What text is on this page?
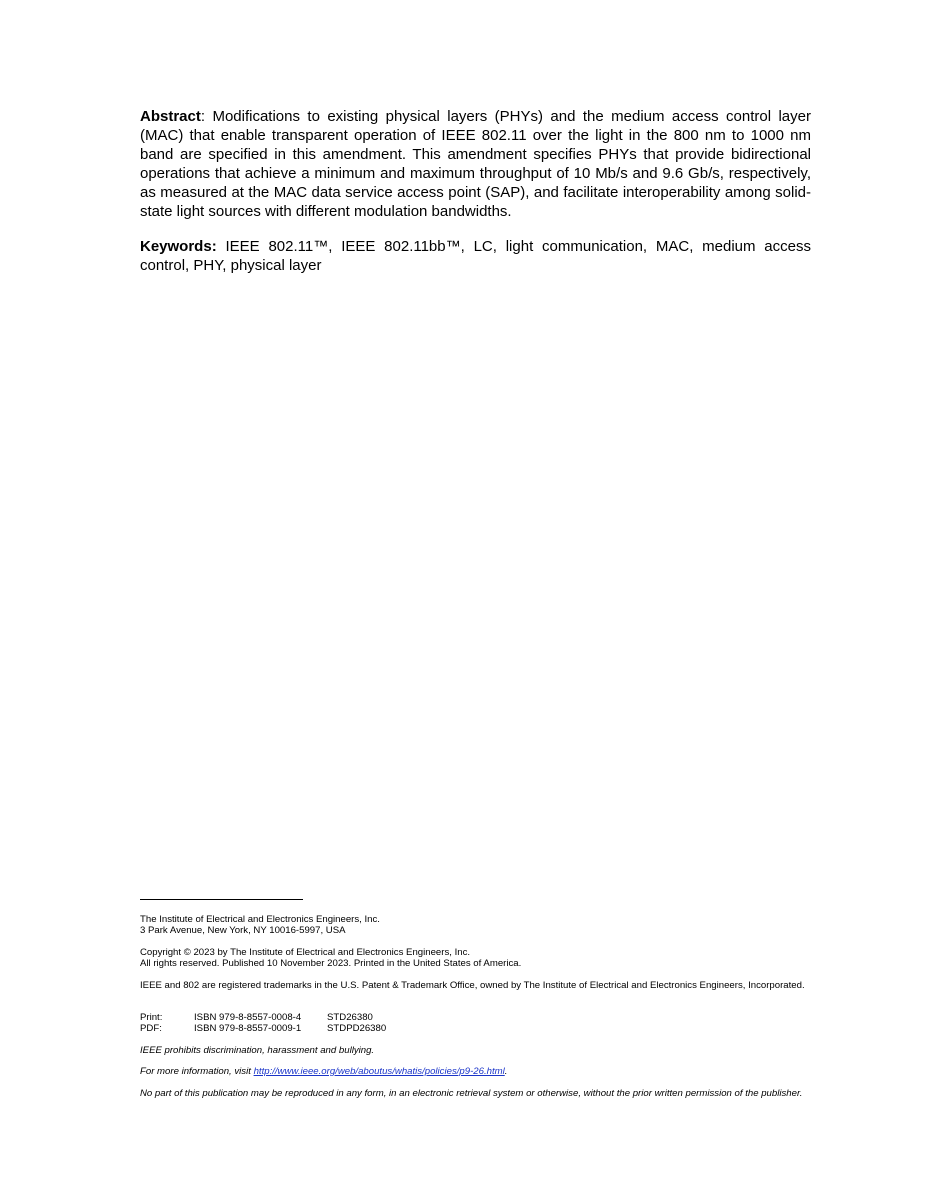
Abstract: Modifications to existing physical layers (PHYs) and the medium access control layer (MAC) that enable transparent operation of IEEE 802.11 over the light in the 800 nm to 1000 nm band are specified in this amendment. This amendment specifies PHYs that provide bidirectional operations that achieve a minimum and maximum throughput of 10 Mb/s and 9.6 Gb/s, respectively, as measured at the MAC data service access point (SAP), and facilitate interoperability among solid-state light sources with different modulation bandwidths.
Keywords: IEEE 802.11™, IEEE 802.11bb™, LC, light communication, MAC, medium access control, PHY, physical layer
The Institute of Electrical and Electronics Engineers, Inc.
3 Park Avenue, New York, NY 10016-5997, USA
Copyright © 2023 by The Institute of Electrical and Electronics Engineers, Inc.
All rights reserved. Published 10 November 2023. Printed in the United States of America.
IEEE and 802 are registered trademarks in the U.S. Patent & Trademark Office, owned by The Institute of Electrical and Electronics Engineers, Incorporated.
Print:	ISBN 979-8-8557-0008-4	STD26380
PDF:	ISBN 979-8-8557-0009-1	STDPD26380
IEEE prohibits discrimination, harassment and bullying.
For more information, visit http://www.ieee.org/web/aboutus/whatis/policies/p9-26.html.
No part of this publication may be reproduced in any form, in an electronic retrieval system or otherwise, without the prior written permission of the publisher.
